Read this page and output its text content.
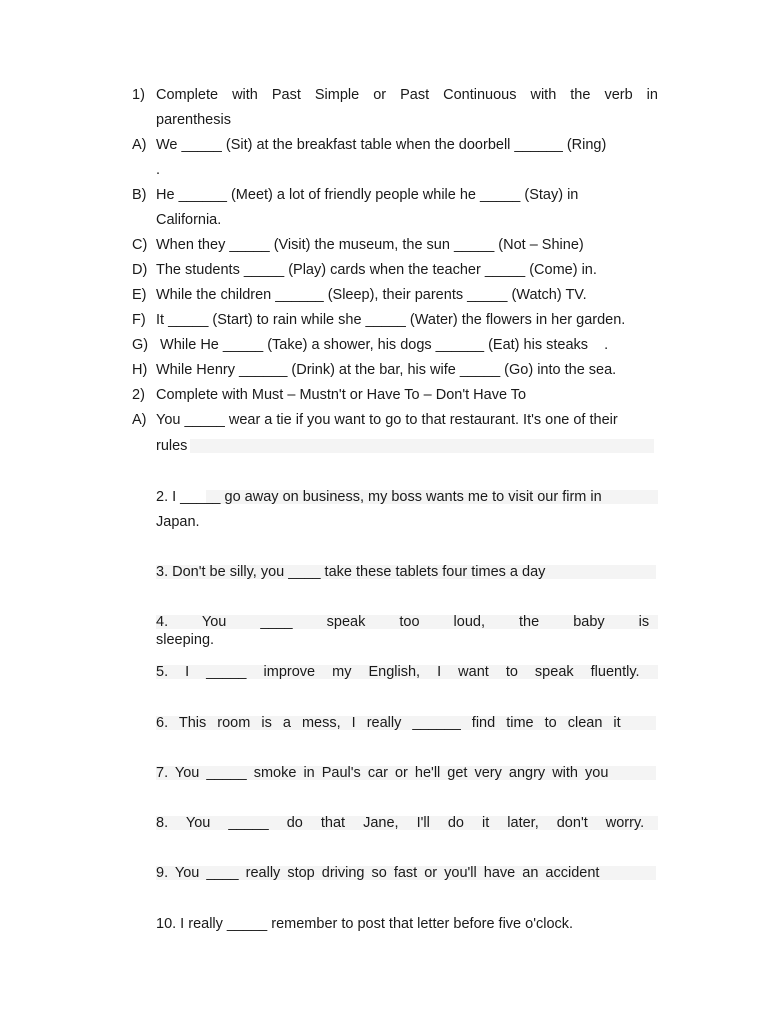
1) Complete with Past Simple or Past Continuous with the verb in
parenthesis
A) We _____ (Sit) at the breakfast table when the doorbell ______ (Ring)
.
B) He ______ (Meet) a lot of friendly people while he _____ (Stay) in
California.
C) When they _____ (Visit) the museum, the sun _____ (Not – Shine)
D) The students _____ (Play) cards when the teacher _____ (Come) in.
E) While the children ______ (Sleep), their parents _____ (Watch) TV.
F) It _____ (Start) to rain while she _____ (Water) the flowers in her garden.
G) While He _____ (Take) a shower, his dogs ______ (Eat) his steaks    .
H) While Henry ______ (Drink) at the bar, his wife _____ (Go) into the sea.
2) Complete with Must – Mustn't or Have To – Don't Have To
A) You _____ wear a tie if you want to go to that restaurant. It's one of their
rules
2. I _____ go away on business, my boss wants me to visit our firm in
Japan.
3. Don't be silly, you ____ take these tablets four times a day
4. You ____ speak too loud, the baby is sleeping.
5. I _____ improve my English, I want to speak fluently.
6. This room is a mess, I really ______ find time to clean it
7. You _____ smoke in Paul's car or he'll get very angry with you
8. You _____ do that Jane, I'll do it later, don't worry.
9. You ____ really stop driving so fast or you'll have an accident
10. I really _____ remember to post that letter before five o'clock.
